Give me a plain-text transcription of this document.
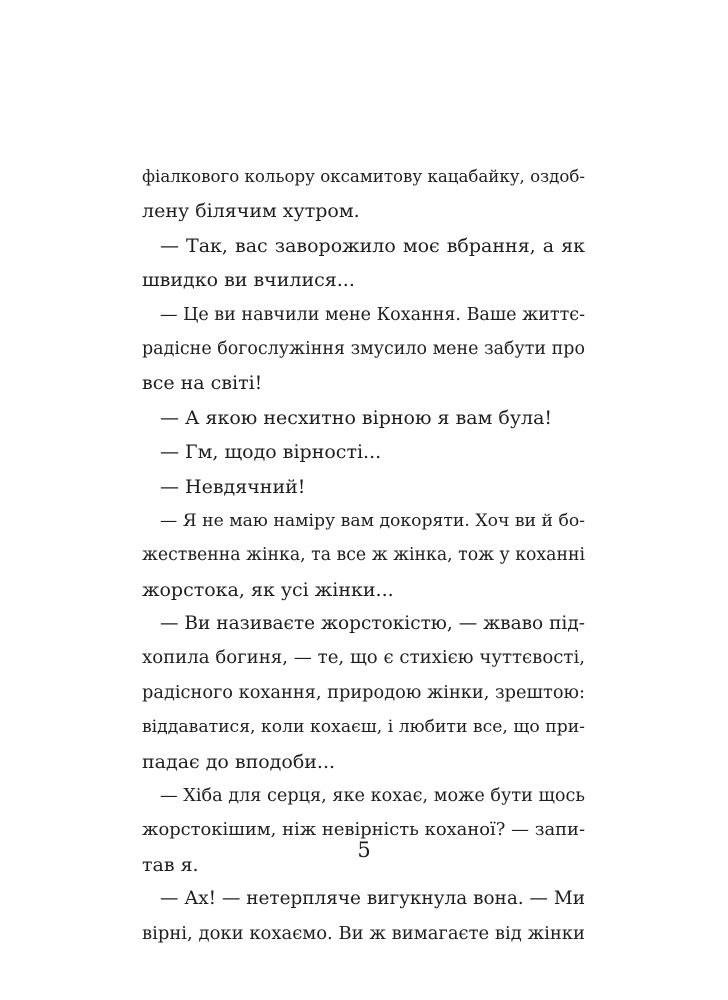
фіалкового кольору оксамитову кацабайку, оздоб-
лену білячим хутром.
— Так, вас заворожило моє вбрання, а як
швидко ви вчилися...
— Це ви навчили мене Кохання. Ваше життє-
радісне богослужіння змусило мене забути про
все на світі!
— А якою несхитно вірною я вам була!
— Гм, щодо вірності...
— Невдячний!
— Я не маю наміру вам докоряти. Хоч ви й бо-
жественна жінка, та все ж жінка, тож у коханні
жорстока, як усі жінки...
— Ви називаєте жорстокістю, — жваво під-
хопила богиня, — те, що є стихією чуттєвості,
радісного кохання, природою жінки, зрештою:
віддаватися, коли кохаєш, і любити все, що при-
падає до вподоби...
— Хіба для серця, яке кохає, може бути щось
жорстокішим, ніж невірність коханої? — запи-
тав я.
— Ах! — нетерпляче вигукнула вона. — Ми
вірні, доки кохаємо. Ви ж вимагаєте від жінки
5
